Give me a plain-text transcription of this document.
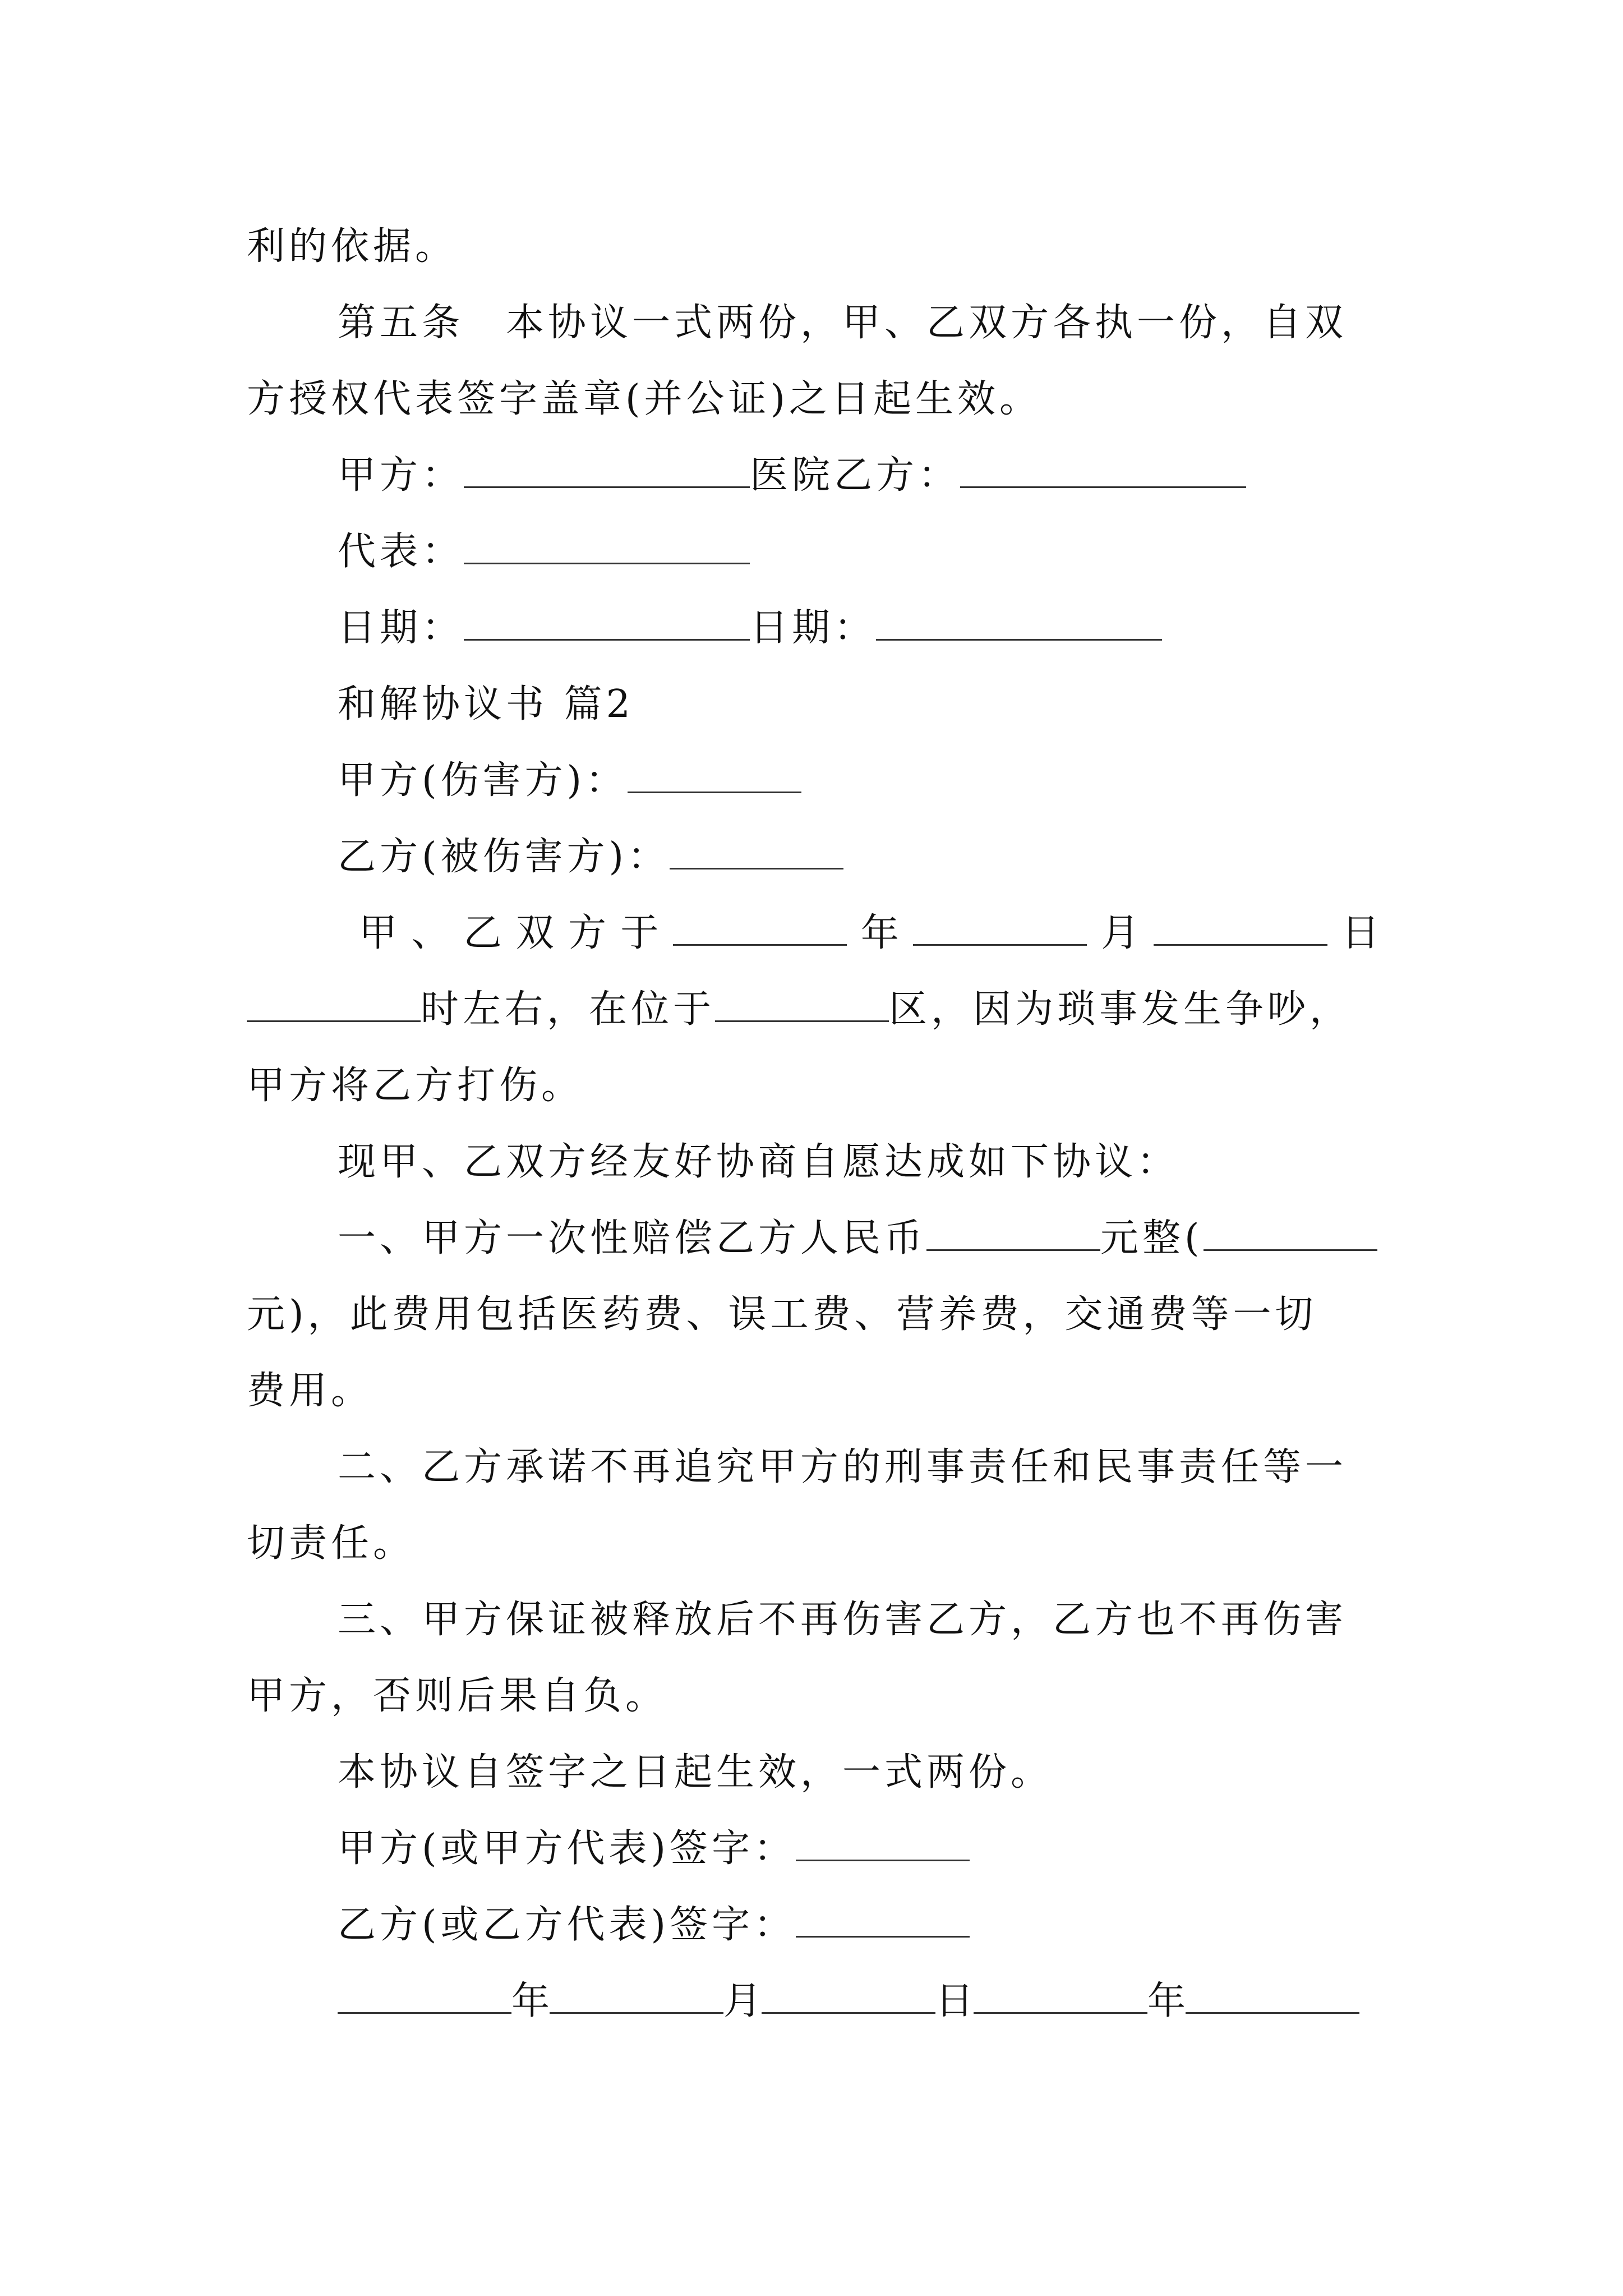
利的依据。
第五条　本协议一式两份，甲、乙双方各执一份，自双
方授权代表签字盖章(并公证)之日起生效。
甲方：	医院乙方：
代表：
日期：	日期：
和解协议书 篇2
甲方(伤害方)：
乙方(被伤害方)：
甲 、 乙 双 方 于	年	月	日
时左右，在位于	区，因为琐事发生争吵，
甲方将乙方打伤。
现甲、乙双方经友好协商自愿达成如下协议：
一、甲方一次性赔偿乙方人民币	元整(
元)，此费用包括医药费、误工费、营养费，交通费等一切
费用。
二、乙方承诺不再追究甲方的刑事责任和民事责任等一
切责任。
三、甲方保证被释放后不再伤害乙方，乙方也不再伤害
甲方，否则后果自负。
本协议自签字之日起生效，一式两份。
甲方(或甲方代表)签字：
乙方(或乙方代表)签字：
年	月	日	年
